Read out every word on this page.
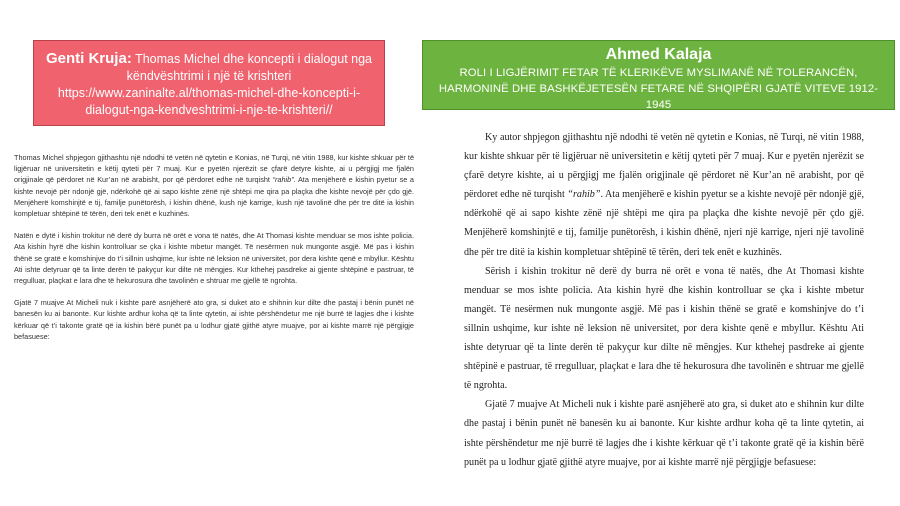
Genti Kruja: Thomas Michel dhe koncepti i dialogut nga
këndvështrimi i një të krishteri
https://www.zaninalte.al/thomas-michel-dhe-koncepti-i-
dialogut-nga-kendveshtrimi-i-nje-te-krishteri//
Ahmed Kalaja
ROLI I LIGJËRIMIT FETAR TË KLERIKËVE MYSLIMANË NË TOLERANCËN,
HARMONINË DHE BASHKËJETESËN FETARE NË SHQIPËRI GJATË VITEVE 1912-1945

Thomas Michel shpjegon gjithashtu një ndodhi të vetën në qytetin e Konias, në Turqi, në vitin 1988, kur kishte shkuar për të ligjëruar në universitetin e këtij qyteti për 7 muaj. Kur e pyetën njerëzit se çfarë detyre kishte, ai u përgjigj me fjalën origjinale që përdoret në Kur’an në arabisht, por që përdoret edhe në turqisht “rahib”. Ata menjëherë e kishin pyetur se a kishte nevojë për ndonjë gjë, ndërkohë që ai sapo kishte zënë një shtëpi me qira pa plaçka dhe kishte nevojë për çdo gjë. Menjëherë komshinjtë e tij, familje punëtorësh, i kishin dhënë, kush një karrige, kush një tavolinë dhe për tre ditë ia kishin kompletuar shtëpinë të tërën, deri tek enët e kuzhinës.

Natën e dytë i kishin trokitur në derë dy burra në orët e vona të natës, dhe At Thomasi kishte menduar se mos ishte policia. Ata kishin hyrë dhe kishin kontrolluar se çka i kishte mbetur mangët. Të nesërmen nuk mungonte asgjë. Më pas i kishin thënë se gratë e komshinjve do t’i sillnin ushqime, kur ishte në leksion në universitet, por dera kishte qenë e mbyllur. Kështu Ati ishte detyruar që ta linte derën të pakyçur kur dilte në mëngjes. Kur kthehej pasdreke ai gjente shtëpinë e pastruar, të rregulluar, plaçkat e lara dhe të hekurosura dhe tavolinën e shtruar me gjellë të ngrohta.

Gjatë 7 muajve At Micheli nuk i kishte parë asnjëherë ato gra, si duket ato e shihnin kur dilte dhe pastaj i bënin punët në banesën ku ai banonte. Kur kishte ardhur koha që ta linte qytetin, ai ishte përshëndetur me një burrë të lagjes dhe i kishte kërkuar që t’i takonte gratë që ia kishin bërë punët pa u lodhur gjatë gjithë atyre muajve, por ai kishte marrë një përgjigje befasuese:

Ky autor shpjegon gjithashtu një ndodhi të vetën në qytetin e Konias, në Turqi, në vitin 1988, kur kishte shkuar për të ligjëruar në universitetin e këtij qyteti për 7 muaj. Kur e pyetën njerëzit se çfarë detyre kishte, ai u përgjigj me fjalën origjinale që përdoret në Kur’an në arabisht, por që përdoret edhe në turqisht “rahib”. Ata menjëherë e kishin pyetur se a kishte nevojë për ndonjë gjë, ndërkohë që ai sapo kishte zënë një shtëpi me qira pa plaçka dhe kishte nevojë për çdo gjë. Menjëherë komshinjtë e tij, familje punëtorësh, i kishin dhënë, njeri një karrige, njeri një tavolinë dhe për tre ditë ia kishin kompletuar shtëpinë të tërën, deri tek enët e kuzhinës.

Sërish i kishin trokitur në derë dy burra në orët e vona të natës, dhe At Thomasi kishte menduar se mos ishte policia. Ata kishin hyrë dhe kishin kontrolluar se çka i kishte mbetur mangët. Të nesërmen nuk mungonte asgjë. Më pas i kishin thënë se gratë e komshinjve do t’i sillnin ushqime, kur ishte në leksion në universitet, por dera kishte qenë e mbyllur. Kështu Ati ishte detyruar që ta linte derën të pakyçur kur dilte në mëngjes. Kur kthehej pasdreke ai gjente shtëpinë e pastruar, të rregulluar, plaçkat e lara dhe të hekurosura dhe tavolinën e shtruar me gjellë të ngrohta.

Gjatë 7 muajve At Micheli nuk i kishte parë asnjëherë ato gra, si duket ato e shihnin kur dilte dhe pastaj i bënin punët në banesën ku ai banonte. Kur kishte ardhur koha që ta linte qytetin, ai ishte përshëndetur me një burrë të lagjes dhe i kishte kërkuar që t’i takonte gratë që ia kishin bërë punët pa u lodhur gjatë gjithë atyre muajve, por ai kishte marrë një përgjigje befasuese:
